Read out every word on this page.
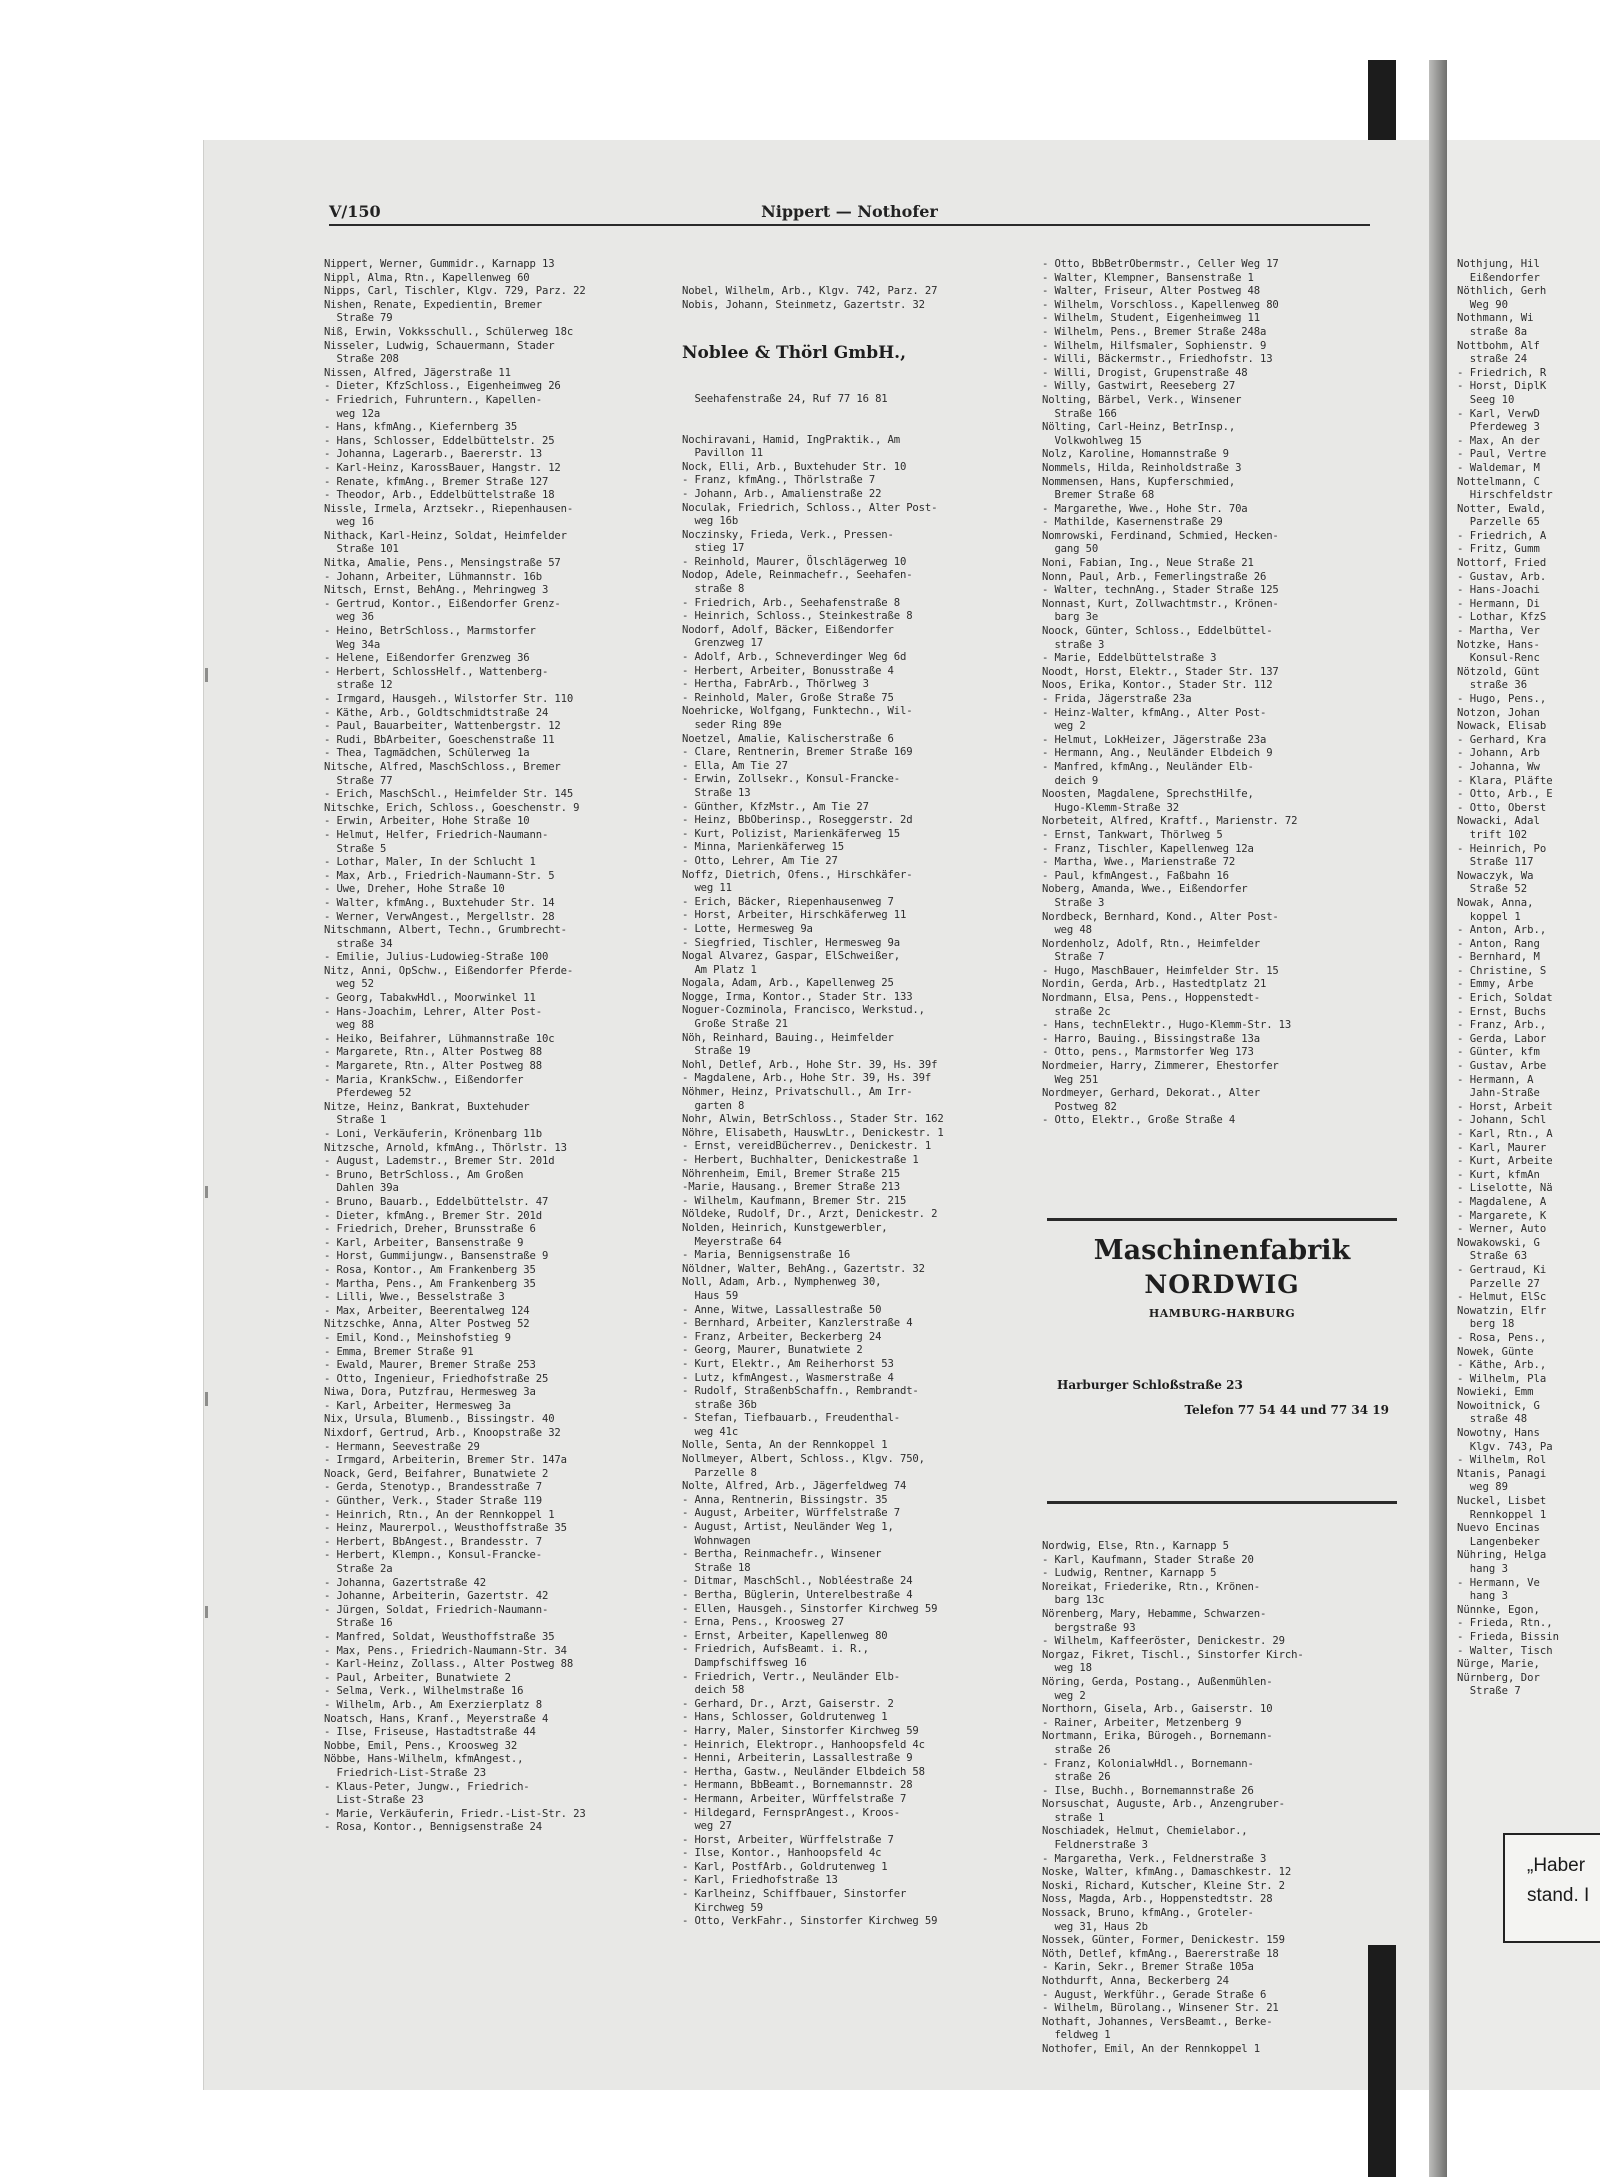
V/150	Nippert — Nothofer
Nippert, Werner, Gummidr., Karnapp 13
Nippl, Alma, Rtn., Kapellenweg 60
Nipps, Carl, Tischler, Klgv. 729, Parz. 22
Nishen, Renate, Expedientin, Bremer
Straße 79
Niß, Erwin, Vokksschull., Schülerweg 18c
Nisseler, Ludwig, Schauermann, Stader
Straße 208
Nissen, Alfred, Jägerstraße 11
- Dieter, KfzSchloss., Eigenheimweg 26
- Friedrich, Fuhruntern., Kapellen-
weg 12a
- Hans, kfmAng., Kiefernberg 35
- Hans, Schlosser, Eddelbüttelstr. 25
- Johanna, Lagerarb., Baererstr. 13
- Karl-Heinz, KarossBauer, Hangstr. 12
- Renate, kfmAng., Bremer Straße 127
- Theodor, Arb., Eddelbüttelstraße 18
Nissle, Irmela, Arztsekr., Riepenhausen-
weg 16
Nithack, Karl-Heinz, Soldat, Heimfelder
Straße 101
Nitka, Amalie, Pens., Mensingstraße 57
- Johann, Arbeiter, Lühmannstr. 16b
Nitsch, Ernst, BehAng., Mehringweg 3
- Gertrud, Kontor., Eißendorfer Grenz-
weg 36
- Heino, BetrSchloss., Marmstorfer
Weg 34a
- Helene, Eißendorfer Grenzweg 36
- Herbert, SchlossHelf., Wattenberg-
straße 12
- Irmgard, Hausgeh., Wilstorfer Str. 110
- Käthe, Arb., Goldtschmidtstraße 24
- Paul, Bauarbeiter, Wattenbergstr. 12
- Rudi, BbArbeiter, Goeschenstraße 11
- Thea, Tagmädchen, Schülerweg 1a
Nitsche, Alfred, MaschSchloss., Bremer
Straße 77
- Erich, MaschSchl., Heimfelder Str. 145
Nitschke, Erich, Schloss., Goeschenstr. 9
- Erwin, Arbeiter, Hohe Straße 10
- Helmut, Helfer, Friedrich-Naumann-
Straße 5
- Lothar, Maler, In der Schlucht 1
- Max, Arb., Friedrich-Naumann-Str. 5
- Uwe, Dreher, Hohe Straße 10
- Walter, kfmAng., Buxtehuder Str. 14
- Werner, VerwAngest., Mergellstr. 28
Nitschmann, Albert, Techn., Grumbrecht-
straße 34
- Emilie, Julius-Ludowieg-Straße 100
Nitz, Anni, OpSchw., Eißendorfer Pferde-
weg 52
- Georg, TabakwHdl., Moorwinkel 11
- Hans-Joachim, Lehrer, Alter Post-
weg 88
- Heiko, Beifahrer, Lühmannstraße 10c
- Margarete, Rtn., Alter Postweg 88
- Margarete, Rtn., Alter Postweg 88
- Maria, KrankSchw., Eißendorfer
Pferdeweg 52
Nitze, Heinz, Bankrat, Buxtehuder
Straße 1
- Loni, Verkäuferin, Krönenbarg 11b
Nitzsche, Arnold, kfmAng., Thörlstr. 13
- August, Lademstr., Bremer Str. 201d
- Bruno, BetrSchloss., Am Großen
Dahlen 39a
- Bruno, Bauarb., Eddelbüttelstr. 47
- Dieter, kfmAng., Bremer Str. 201d
- Friedrich, Dreher, Brunsstraße 6
- Karl, Arbeiter, Bansenstraße 9
- Horst, Gummijungw., Bansenstraße 9
- Rosa, Kontor., Am Frankenberg 35
- Martha, Pens., Am Frankenberg 35
- Lilli, Wwe., Besselstraße 3
- Max, Arbeiter, Beerentalweg 124
Nitzschke, Anna, Alter Postweg 52
- Emil, Kond., Meinshofstieg 9
- Emma, Bremer Straße 91
- Ewald, Maurer, Bremer Straße 253
- Otto, Ingenieur, Friedhofstraße 25
Niwa, Dora, Putzfrau, Hermesweg 3a
- Karl, Arbeiter, Hermesweg 3a
Nix, Ursula, Blumenb., Bissingstr. 40
Nixdorf, Gertrud, Arb., Knoopstraße 32
- Hermann, Seevestraße 29
- Irmgard, Arbeiterin, Bremer Str. 147a
Noack, Gerd, Beifahrer, Bunatwiete 2
- Gerda, Stenotyp., Brandesstraße 7
- Günther, Verk., Stader Straße 119
- Heinrich, Rtn., An der Rennkoppel 1
- Heinz, Maurerpol., Weusthoffstraße 35
- Herbert, BbAngest., Brandesstr. 7
- Herbert, Klempn., Konsul-Francke-
Straße 2a
- Johanna, Gazertstraße 42
- Johanne, Arbeiterin, Gazertstr. 42
- Jürgen, Soldat, Friedrich-Naumann-
Straße 16
- Manfred, Soldat, Weusthoffstraße 35
- Max, Pens., Friedrich-Naumann-Str. 34
- Karl-Heinz, Zollass., Alter Postweg 88
- Paul, Arbeiter, Bunatwiete 2
- Selma, Verk., Wilhelmstraße 16
- Wilhelm, Arb., Am Exerzierplatz 8
Noatsch, Hans, Kranf., Meyerstraße 4
- Ilse, Friseuse, Hastadtstraße 44
Nobbe, Emil, Pens., Kroosweg 32
Nöbbe, Hans-Wilhelm, kfmAngest.,
Friedrich-List-Straße 23
- Klaus-Peter, Jungw., Friedrich-
List-Straße 23
- Marie, Verkäuferin, Friedr.-List-Str. 23
- Rosa, Kontor., Bennigsenstraße 24

Nobel, Wilhelm, Arb., Klgv. 742, Parz. 27
Nobis, Johann, Steinmetz, Gazertstr. 32

Noblee & Thörl GmbH.,

Seehafenstraße 24, Ruf 77 16 81

Nochiravani, Hamid, IngPraktik., Am
Pavillon 11
Nock, Elli, Arb., Buxtehuder Str. 10
- Franz, kfmAng., Thörlstraße 7
- Johann, Arb., Amalienstraße 22
Noculak, Friedrich, Schloss., Alter Post-
weg 16b
Noczinsky, Frieda, Verk., Pressen-
stieg 17
- Reinhold, Maurer, Ölschlägerweg 10
Nodop, Adele, Reinmachefr., Seehafen-
straße 8
- Friedrich, Arb., Seehafenstraße 8
- Heinrich, Schloss., Steinkestraße 8
Nodorf, Adolf, Bäcker, Eißendorfer
Grenzweg 17
- Adolf, Arb., Schneverdinger Weg 6d
- Herbert, Arbeiter, Bonusstraße 4
- Hertha, FabrArb., Thörlweg 3
- Reinhold, Maler, Große Straße 75
Noehricke, Wolfgang, Funktechn., Wil-
seder Ring 89e
Noetzel, Amalie, Kalischerstraße 6
- Clare, Rentnerin, Bremer Straße 169
- Ella, Am Tie 27
- Erwin, Zollsekr., Konsul-Francke-
Straße 13
- Günther, KfzMstr., Am Tie 27
- Heinz, BbOberinsp., Roseggerstr. 2d
- Kurt, Polizist, Marienkäferweg 15
- Minna, Marienkäferweg 15
- Otto, Lehrer, Am Tie 27
Noffz, Dietrich, Ofens., Hirschkäfer-
weg 11
- Erich, Bäcker, Riepenhausenweg 7
- Horst, Arbeiter, Hirschkäferweg 11
- Lotte, Hermesweg 9a
- Siegfried, Tischler, Hermesweg 9a
Nogal Alvarez, Gaspar, ElSchweißer,
Am Platz 1
Nogala, Adam, Arb., Kapellenweg 25
Nogge, Irma, Kontor., Stader Str. 133
Noguer-Cozminola, Francisco, Werkstud.,
Große Straße 21
Nöh, Reinhard, Bauing., Heimfelder
Straße 19
Nohl, Detlef, Arb., Hohe Str. 39, Hs. 39f
- Magdalene, Arb., Hohe Str. 39, Hs. 39f
Nöhmer, Heinz, Privatschull., Am Irr-
garten 8
Nohr, Alwin, BetrSchloss., Stader Str. 162
Nöhre, Elisabeth, HauswLtr., Denickestr. 1
- Ernst, vereidBücherrev., Denickestr. 1
- Herbert, Buchhalter, Denickestraße 1
Nöhrenheim, Emil, Bremer Straße 215
-Marie, Hausang., Bremer Straße 213
- Wilhelm, Kaufmann, Bremer Str. 215
Nöldeke, Rudolf, Dr., Arzt, Denickestr. 2
Nolden, Heinrich, Kunstgewerbler,
Meyerstraße 64
- Maria, Bennigsenstraße 16
Nöldner, Walter, BehAng., Gazertstr. 32
Noll, Adam, Arb., Nymphenweg 30,
Haus 59
- Anne, Witwe, Lassallestraße 50
- Bernhard, Arbeiter, Kanzlerstraße 4
- Franz, Arbeiter, Beckerberg 24
- Georg, Maurer, Bunatwiete 2
- Kurt, Elektr., Am Reiherhorst 53
- Lutz, kfmAngest., Wasmerstraße 4
- Rudolf, StraßenbSchaffn., Rembrandt-
straße 36b
- Stefan, Tiefbauarb., Freudenthal-
weg 41c
Nolle, Senta, An der Rennkoppel 1
Nollmeyer, Albert, Schloss., Klgv. 750,
Parzelle 8
Nolte, Alfred, Arb., Jägerfeldweg 74
- Anna, Rentnerin, Bissingstr. 35
- August, Arbeiter, Würffelstraße 7
- August, Artist, Neuländer Weg 1,
Wohnwagen
- Bertha, Reinmachefr., Winsener
Straße 18
- Ditmar, MaschSchl., Nobléestraße 24
- Bertha, Büglerin, Unterelbestraße 4
- Ellen, Hausgeh., Sinstorfer Kirchweg 59
- Erna, Pens., Kroosweg 27
- Ernst, Arbeiter, Kapellenweg 80
- Friedrich, AufsBeamt. i. R.,
Dampfschiffsweg 16
- Friedrich, Vertr., Neuländer Elb-
deich 58
- Gerhard, Dr., Arzt, Gaiserstr. 2
- Hans, Schlosser, Goldrutenweg 1
- Harry, Maler, Sinstorfer Kirchweg 59
- Heinrich, Elektropr., Hanhoopsfeld 4c
- Henni, Arbeiterin, Lassallestraße 9
- Hertha, Gastw., Neuländer Elbdeich 58
- Hermann, BbBeamt., Bornemannstr. 28
- Hermann, Arbeiter, Würffelstraße 7
- Hildegard, FernsprAngest., Kroos-
weg 27
- Horst, Arbeiter, Würffelstraße 7
- Ilse, Kontor., Hanhoopsfeld 4c
- Karl, PostfArb., Goldrutenweg 1
- Karl, Friedhofstraße 13
- Karlheinz, Schiffbauer, Sinstorfer
Kirchweg 59
- Otto, VerkFahr., Sinstorfer Kirchweg 59

- Otto, BbBetrObermstr., Celler Weg 17
- Walter, Klempner, Bansenstraße 1
- Walter, Friseur, Alter Postweg 48
- Wilhelm, Vorschloss., Kapellenweg 80
- Wilhelm, Student, Eigenheimweg 11
- Wilhelm, Pens., Bremer Straße 248a
- Wilhelm, Hilfsmaler, Sophienstr. 9
- Willi, Bäckermstr., Friedhofstr. 13
- Willi, Drogist, Grupenstraße 48
- Willy, Gastwirt, Reeseberg 27
Nolting, Bärbel, Verk., Winsener
Straße 166
Nölting, Carl-Heinz, BetrInsp.,
Volkwohlweg 15
Nolz, Karoline, Homannstraße 9
Nommels, Hilda, Reinholdstraße 3
Nommensen, Hans, Kupferschmied,
Bremer Straße 68
- Margarethe, Wwe., Hohe Str. 70a
- Mathilde, Kasernenstraße 29
Nomrowski, Ferdinand, Schmied, Hecken-
gang 50
Noni, Fabian, Ing., Neue Straße 21
Nonn, Paul, Arb., Femerlingstraße 26
- Walter, technAng., Stader Straße 125
Nonnast, Kurt, Zollwachtmstr., Krönen-
barg 3e
Noock, Günter, Schloss., Eddelbüttel-
straße 3
- Marie, Eddelbüttelstraße 3
Noodt, Horst, Elektr., Stader Str. 137
Noos, Erika, Kontor., Stader Str. 112
- Frida, Jägerstraße 23a
- Heinz-Walter, kfmAng., Alter Post-
weg 2
- Helmut, LokHeizer, Jägerstraße 23a
- Hermann, Ang., Neuländer Elbdeich 9
- Manfred, kfmAng., Neuländer Elb-
deich 9
Noosten, Magdalene, SprechstHilfe,
Hugo-Klemm-Straße 32
Norbeteit, Alfred, Kraftf., Marienstr. 72
- Ernst, Tankwart, Thörlweg 5
- Franz, Tischler, Kapellenweg 12a
- Martha, Wwe., Marienstraße 72
- Paul, kfmAngest., Faßbahn 16
Noberg, Amanda, Wwe., Eißendorfer
Straße 3
Nordbeck, Bernhard, Kond., Alter Post-
weg 48
Nordenholz, Adolf, Rtn., Heimfelder
Straße 7
- Hugo, MaschBauer, Heimfelder Str. 15
Nordin, Gerda, Arb., Hastedtplatz 21
Nordmann, Elsa, Pens., Hoppenstedt-
straße 2c
- Hans, technElektr., Hugo-Klemm-Str. 13
- Harro, Bauing., Bissingstraße 13a
- Otto, pens., Marmstorfer Weg 173
Nordmeier, Harry, Zimmerer, Ehestorfer
Weg 251
Nordmeyer, Gerhard, Dekorat., Alter
Postweg 82
- Otto, Elektr., Große Straße 4
Maschinenfabrik
NORDWIG
HAMBURG-HARBURG
Harburger Schloßstraße 23
Telefon 77 54 44 und 77 34 19
Nordwig, Else, Rtn., Karnapp 5
- Karl, Kaufmann, Stader Straße 20
- Ludwig, Rentner, Karnapp 5
Noreikat, Friederike, Rtn., Krönen-
barg 13c
Nörenberg, Mary, Hebamme, Schwarzen-
bergstraße 93
- Wilhelm, Kaffeeröster, Denickestr. 29
Norgaz, Fikret, Tischl., Sinstorfer Kirch-
weg 18
Nöring, Gerda, Postang., Außenmühlen-
weg 2
Northorn, Gisela, Arb., Gaiserstr. 10
- Rainer, Arbeiter, Metzenberg 9
Nortmann, Erika, Bürogeh., Bornemann-
straße 26
- Franz, KolonialwHdl., Bornemann-
straße 26
- Ilse, Buchh., Bornemannstraße 26
Norsuschat, Auguste, Arb., Anzengruber-
straße 1
Noschiadek, Helmut, Chemielabor.,
Feldnerstraße 3
- Margaretha, Verk., Feldnerstraße 3
Noske, Walter, kfmAng., Damaschkestr. 12
Noski, Richard, Kutscher, Kleine Str. 2
Noss, Magda, Arb., Hoppenstedtstr. 28
Nossack, Bruno, kfmAng., Groteler-
weg 31, Haus 2b
Nossek, Günter, Former, Denickestr. 159
Nöth, Detlef, kfmAng., Baererstraße 18
- Karin, Sekr., Bremer Straße 105a
Nothdurft, Anna, Beckerberg 24
- August, Werkführ., Gerade Straße 6
- Wilhelm, Bürolang., Winsener Str. 21
Nothaft, Johannes, VersBeamt., Berke-
feldweg 1
Nothofer, Emil, An der Rennkoppel 1
Nothjung, Hil
Eißendorfer
Nöthlich, Gerh
Weg 90
Nothmann, Wi
straße 8a
Nottbohm, Alf
straße 24
- Friedrich, R
- Horst, DiplK
Seeg 10
- Karl, VerwD
Pferdeweg 3
- Max, An der
- Paul, Vertre
- Waldemar, M
Nottelmann, C
Hirschfeldstr
Notter, Ewald,
Parzelle 65
- Friedrich, A
- Fritz, Gumm
Nottorf, Fried
- Gustav, Arb.
- Hans-Joachi
- Hermann, Di
- Lothar, KfzS
- Martha, Ver
Notzke, Hans-
Konsul-Renc
Nötzold, Günt
straße 36
- Hugo, Pens.,
Notzon, Johan
Nowack, Elisab
- Gerhard, Kra
- Johann, Arb
- Johanna, Ww
- Klara, Pläfte
- Otto, Arb., E
- Otto, Oberst
Nowacki, Adal
trift 102
- Heinrich, Po
Straße 117
Nowaczyk, Wa
Straße 52
Nowak, Anna,
koppel 1
- Anton, Arb.,
- Anton, Rang
- Bernhard, M
- Christine, S
- Emmy, Arbe
- Erich, Soldat
- Ernst, Buchs
- Franz, Arb.,
- Gerda, Labor
- Günter, kfm
- Gustav, Arbe
- Hermann, A
Jahn-Straße
- Horst, Arbeit
- Johann, Schl
- Karl, Rtn., A
- Karl, Maurer
- Kurt, Arbeite
- Kurt, kfmAn
- Liselotte, Nä
- Magdalene, A
- Margarete, K
- Werner, Auto
Nowakowski, G
Straße 63
- Gertraud, Ki
Parzelle 27
- Helmut, ElSc
Nowatzin, Elfr
berg 18
- Rosa, Pens.,
Nowek, Günte
- Käthe, Arb.,
- Wilhelm, Pla
Nowieki, Emm
Nowoitnick, G
straße 48
Nowotny, Hans
Klgv. 743, Pa
- Wilhelm, Rol
Ntanis, Panagi
weg 89
Nuckel, Lisbet
Rennkoppel 1
Nuevo Encinas
Langenbeker
Nühring, Helga
hang 3
- Hermann, Ve
hang 3
Nünnke, Egon,
- Frieda, Rtn.,
- Frieda, Bissin
- Walter, Tisch
Nürge, Marie,
Nürnberg, Dor
Straße 7
„Haber
stand. I
